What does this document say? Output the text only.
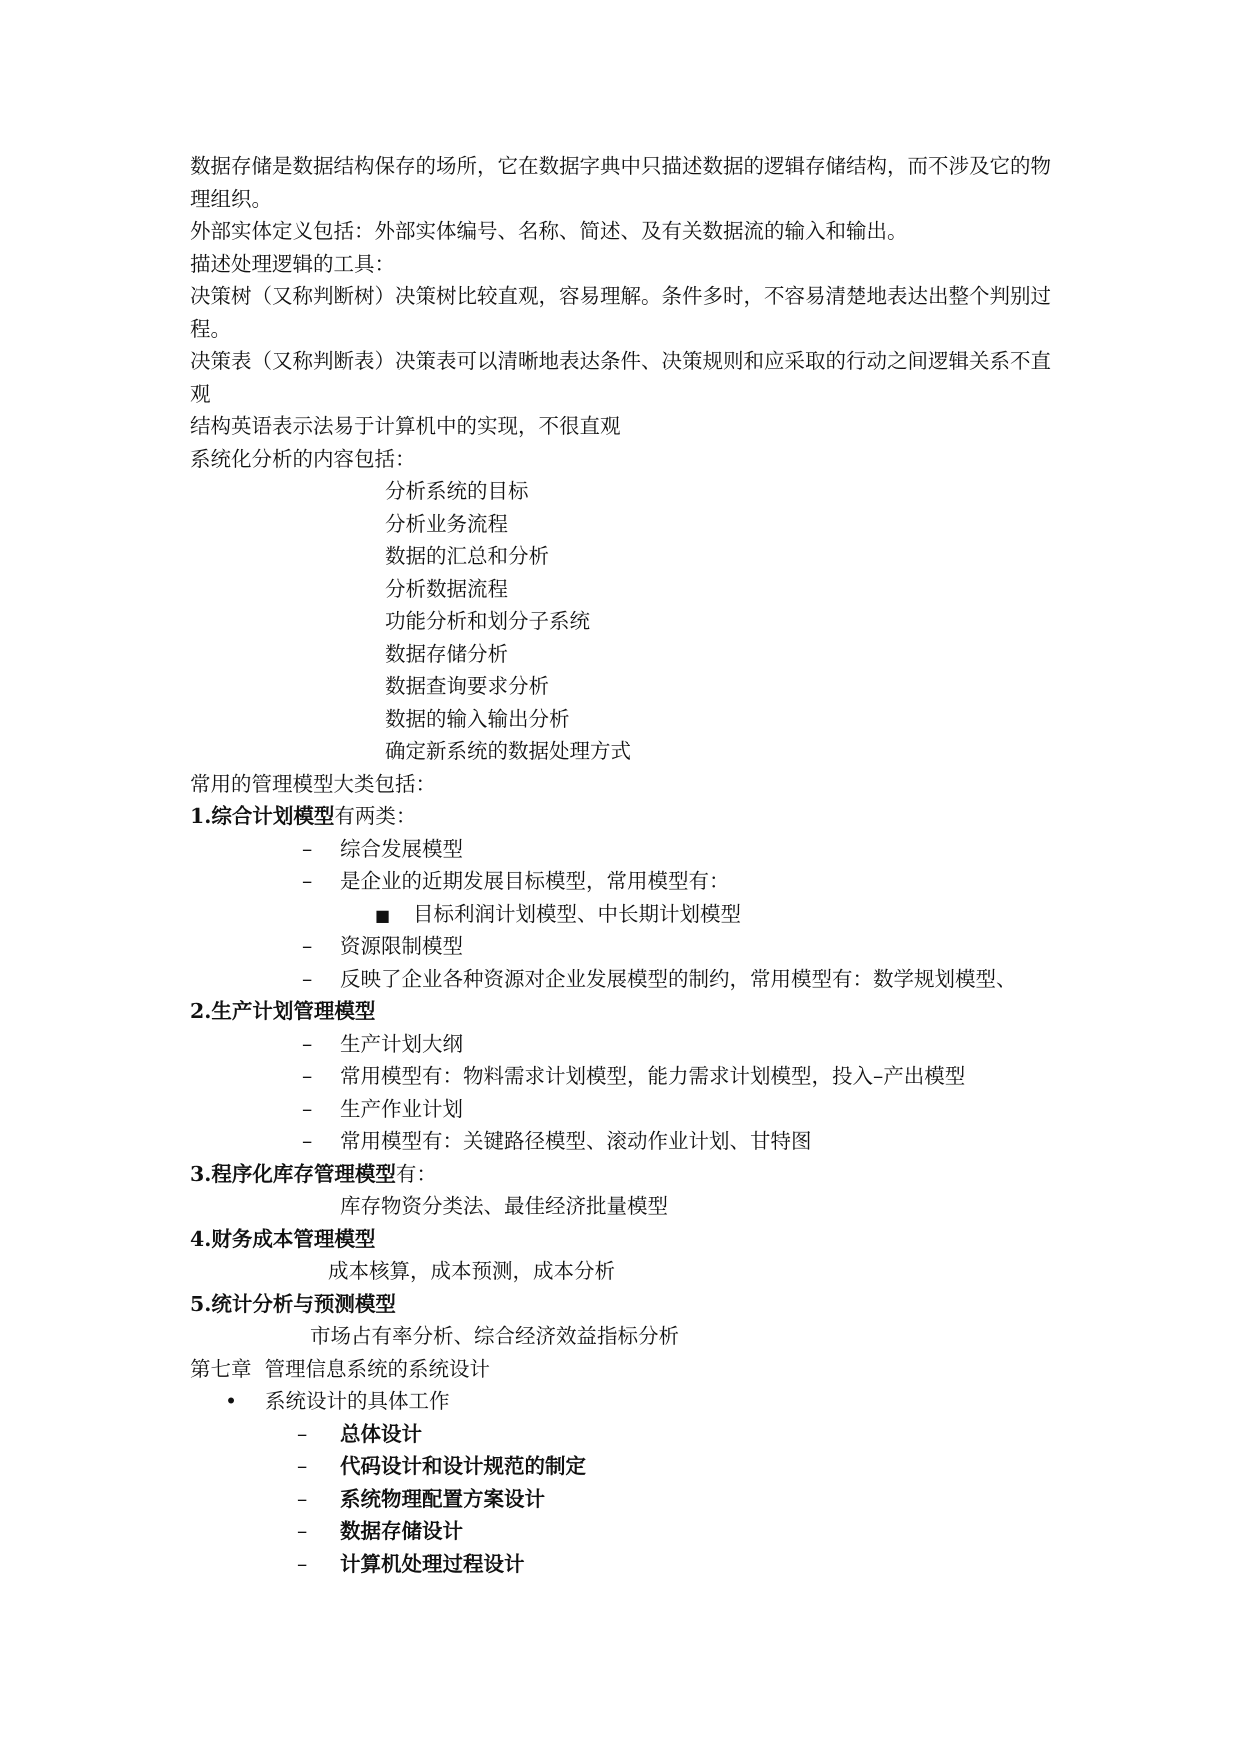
数据存储是数据结构保存的场所，它在数据字典中只描述数据的逻辑存储结构，而不涉及它的物理组织。
外部实体定义包括：外部实体编号、名称、简述、及有关数据流的输入和输出。
描述处理逻辑的工具：
决策树（又称判断树）决策树比较直观，容易理解。条件多时，不容易清楚地表达出整个判别过程。
决策表（又称判断表）决策表可以清晰地表达条件、决策规则和应采取的行动之间逻辑关系不直观
结构英语表示法易于计算机中的实现，不很直观
系统化分析的内容包括：
分析系统的目标
分析业务流程
数据的汇总和分析
分析数据流程
功能分析和划分子系统
数据存储分析
数据查询要求分析
数据的输入输出分析
确定新系统的数据处理方式
常用的管理模型大类包括：
1.综合计划模型有两类：
– 综合发展模型
– 是企业的近期发展目标模型，常用模型有：
■ 目标利润计划模型、中长期计划模型
– 资源限制模型
– 反映了企业各种资源对企业发展模型的制约，常用模型有：数学规划模型、
2.生产计划管理模型
– 生产计划大纲
– 常用模型有：物料需求计划模型，能力需求计划模型，投入–产出模型
– 生产作业计划
– 常用模型有：关键路径模型、滚动作业计划、甘特图
3.程序化库存管理模型有：
库存物资分类法、最佳经济批量模型
4.财务成本管理模型
成本核算，成本预测，成本分析
5.统计分析与预测模型
市场占有率分析、综合经济效益指标分析
第七章  管理信息系统的系统设计
• 系统设计的具体工作
– 总体设计
– 代码设计和设计规范的制定
– 系统物理配置方案设计
– 数据存储设计
– 计算机处理过程设计
